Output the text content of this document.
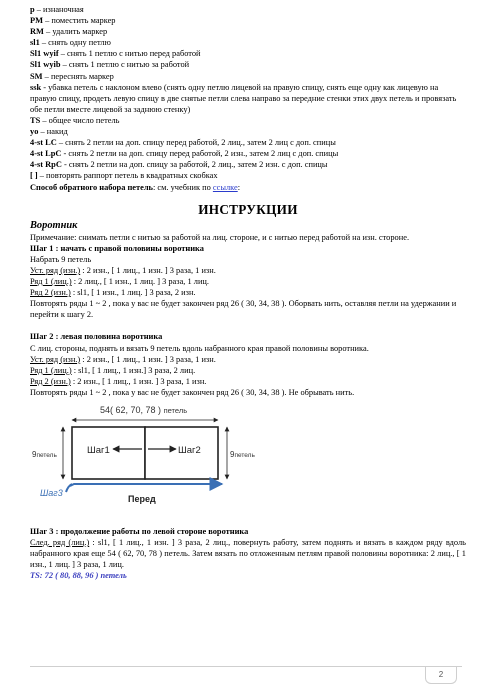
p – изнаночная
PM – поместить маркер
RM – удалить маркер
sl1 – снять одну петлю
Sl1 wyif – снять 1 петлю с нитью перед работой
Sl1 wyib – снять 1 петлю с нитью за работой
SM – переснять маркер
ssk - убавка петель с наклоном влево (снять одну петлю лицевой на правую спицу, снять еще одну как лицевую на правую спицу, продеть левую спицу в две снятые петли слева направо за передние стенки этих двух петель и провязать обе петли вместе лицевой за заднюю стенку)
TS – общее число петель
yo – накид
4-st LC – снять 2 петли на доп. спицу перед работой, 2 лиц., затем 2 лиц с доп. спицы
4-st LpC - снять 2 петли на доп. спицу перед работой, 2 изн., затем 2 лиц с доп. спицы
4-st RpC - снять 2 петли на доп. спицу за работой, 2 лиц., затем 2 изн. с доп. спицы
[ ] – повторять раппорт петель в квадратных скобках
Способ обратного набора петель: см. учебник по ссылке:
ИНСТРУКЦИИ
Воротник
Примечание: снимать петли с нитью за работой на лиц. стороне, и с нитью перед работой на изн. стороне.
Шаг 1 : начать с правой половины воротника
Набрать 9 петель
Уст. ряд (изн.) : 2 изн., [ 1 лиц., 1 изн. ] 3 раза, 1 изн.
Ряд 1 (лиц.) : 2 лиц., [ 1 изн., 1 лиц. ] 3 раза, 1 лиц.
Ряд 2 (изн.) : sl1, [ 1 изн., 1 лиц. ] 3 раза, 2 изн.
Повторять ряды 1 ~ 2 , пока у вас не будет закончен ряд 26 ( 30, 34, 38 ). Оборвать нить, оставляя петли на удержании и перейти к шагу 2.
Шаг 2 : левая половина воротника
С лиц. стороны, поднять и вязать 9 петель вдоль набранного края правой половины воротника.
Уст. ряд (изн.) : 2 изн., [ 1 лиц., 1 изн. ] 3 раза, 1 изн.
Ряд 1 (лиц.) : sl1, [ 1 лиц., 1 изн.] 3 раза, 2 лиц.
Ряд 2 (изн.) : 2 изн., [ 1 лиц., 1 изн. ] 3 раза, 1 изн.
Повторять ряды 1 ~ 2 , пока у вас не будет закончен ряд 26 ( 30, 34, 38 ). Не обрывать нить.
54( 62, 70, 78 ) петель
9петель	9петель
Шаг1	Шаг2
Шаг3
Перед
Шаг 3 : продолжение работы по левой стороне воротника
След. ряд (лиц.) : sl1, [ 1 лиц., 1 изн. ] 3 раза, 2 лиц., повернуть работу, затем поднять и вязать в каждом ряду вдоль набранного края еще 54 ( 62, 70, 78 ) петель. Затем вязать по отложенным петлям правой половины воротника: 2 лиц., [ 1 изн., 1 лиц. ] 3 раза, 1 лиц.
TS: 72 ( 80, 88, 96 ) петель
2
